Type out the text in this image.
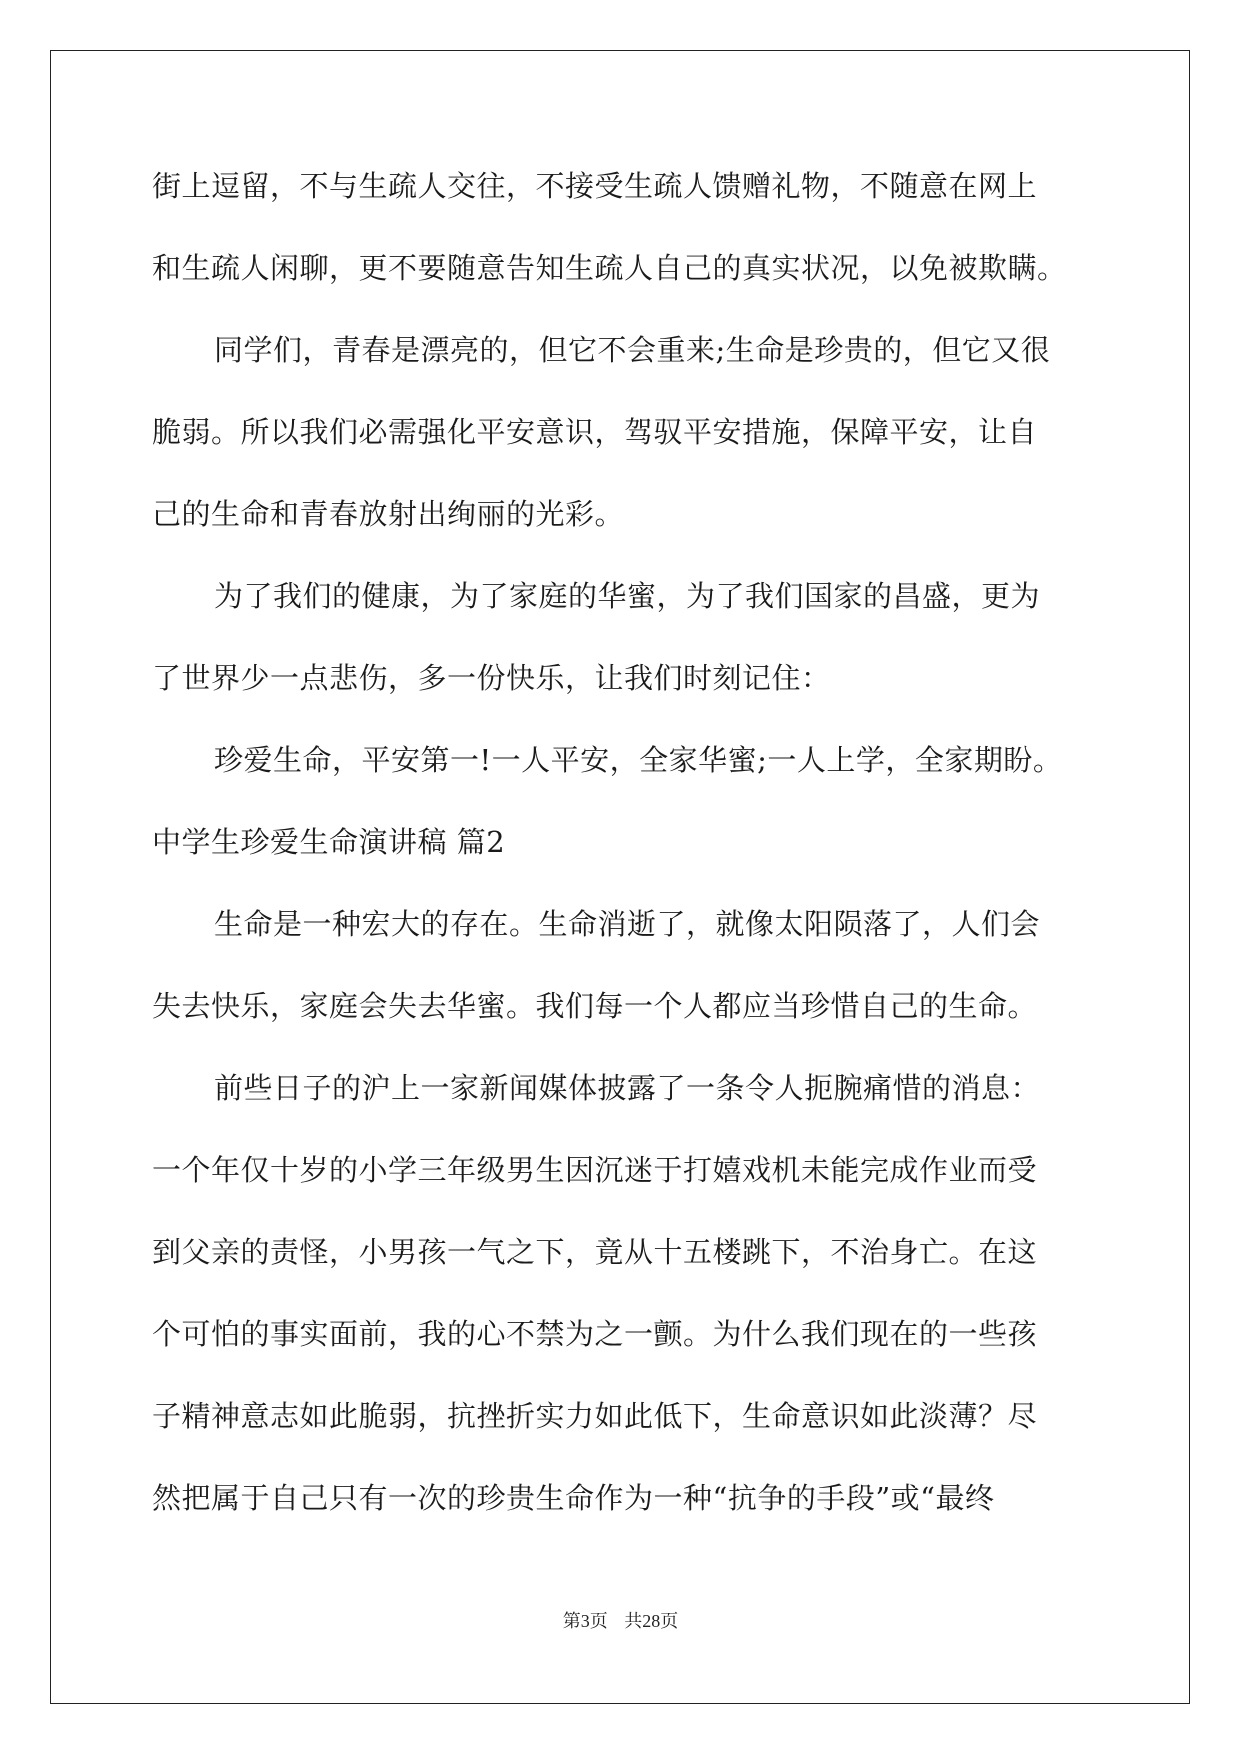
街上逗留，不与生疏人交往，不接受生疏人馈赠礼物，不随意在网上
和生疏人闲聊，更不要随意告知生疏人自己的真实状况，以免被欺瞒。
同学们，青春是漂亮的，但它不会重来;生命是珍贵的，但它又很
脆弱。所以我们必需强化平安意识，驾驭平安措施，保障平安，让自
己的生命和青春放射出绚丽的光彩。
为了我们的健康，为了家庭的华蜜，为了我们国家的昌盛，更为
了世界少一点悲伤，多一份快乐，让我们时刻记住：
珍爱生命，平安第一!一人平安，全家华蜜;一人上学，全家期盼。
中学生珍爱生命演讲稿 篇2
生命是一种宏大的存在。生命消逝了，就像太阳陨落了，人们会
失去快乐，家庭会失去华蜜。我们每一个人都应当珍惜自己的生命。
前些日子的沪上一家新闻媒体披露了一条令人扼腕痛惜的消息：
一个年仅十岁的小学三年级男生因沉迷于打嬉戏机未能完成作业而受
到父亲的责怪，小男孩一气之下，竟从十五楼跳下，不治身亡。在这
个可怕的事实面前，我的心不禁为之一颤。为什么我们现在的一些孩
子精神意志如此脆弱，抗挫折实力如此低下，生命意识如此淡薄？尽
然把属于自己只有一次的珍贵生命作为一种“抗争的手段”或“最终
第3页 共28页
